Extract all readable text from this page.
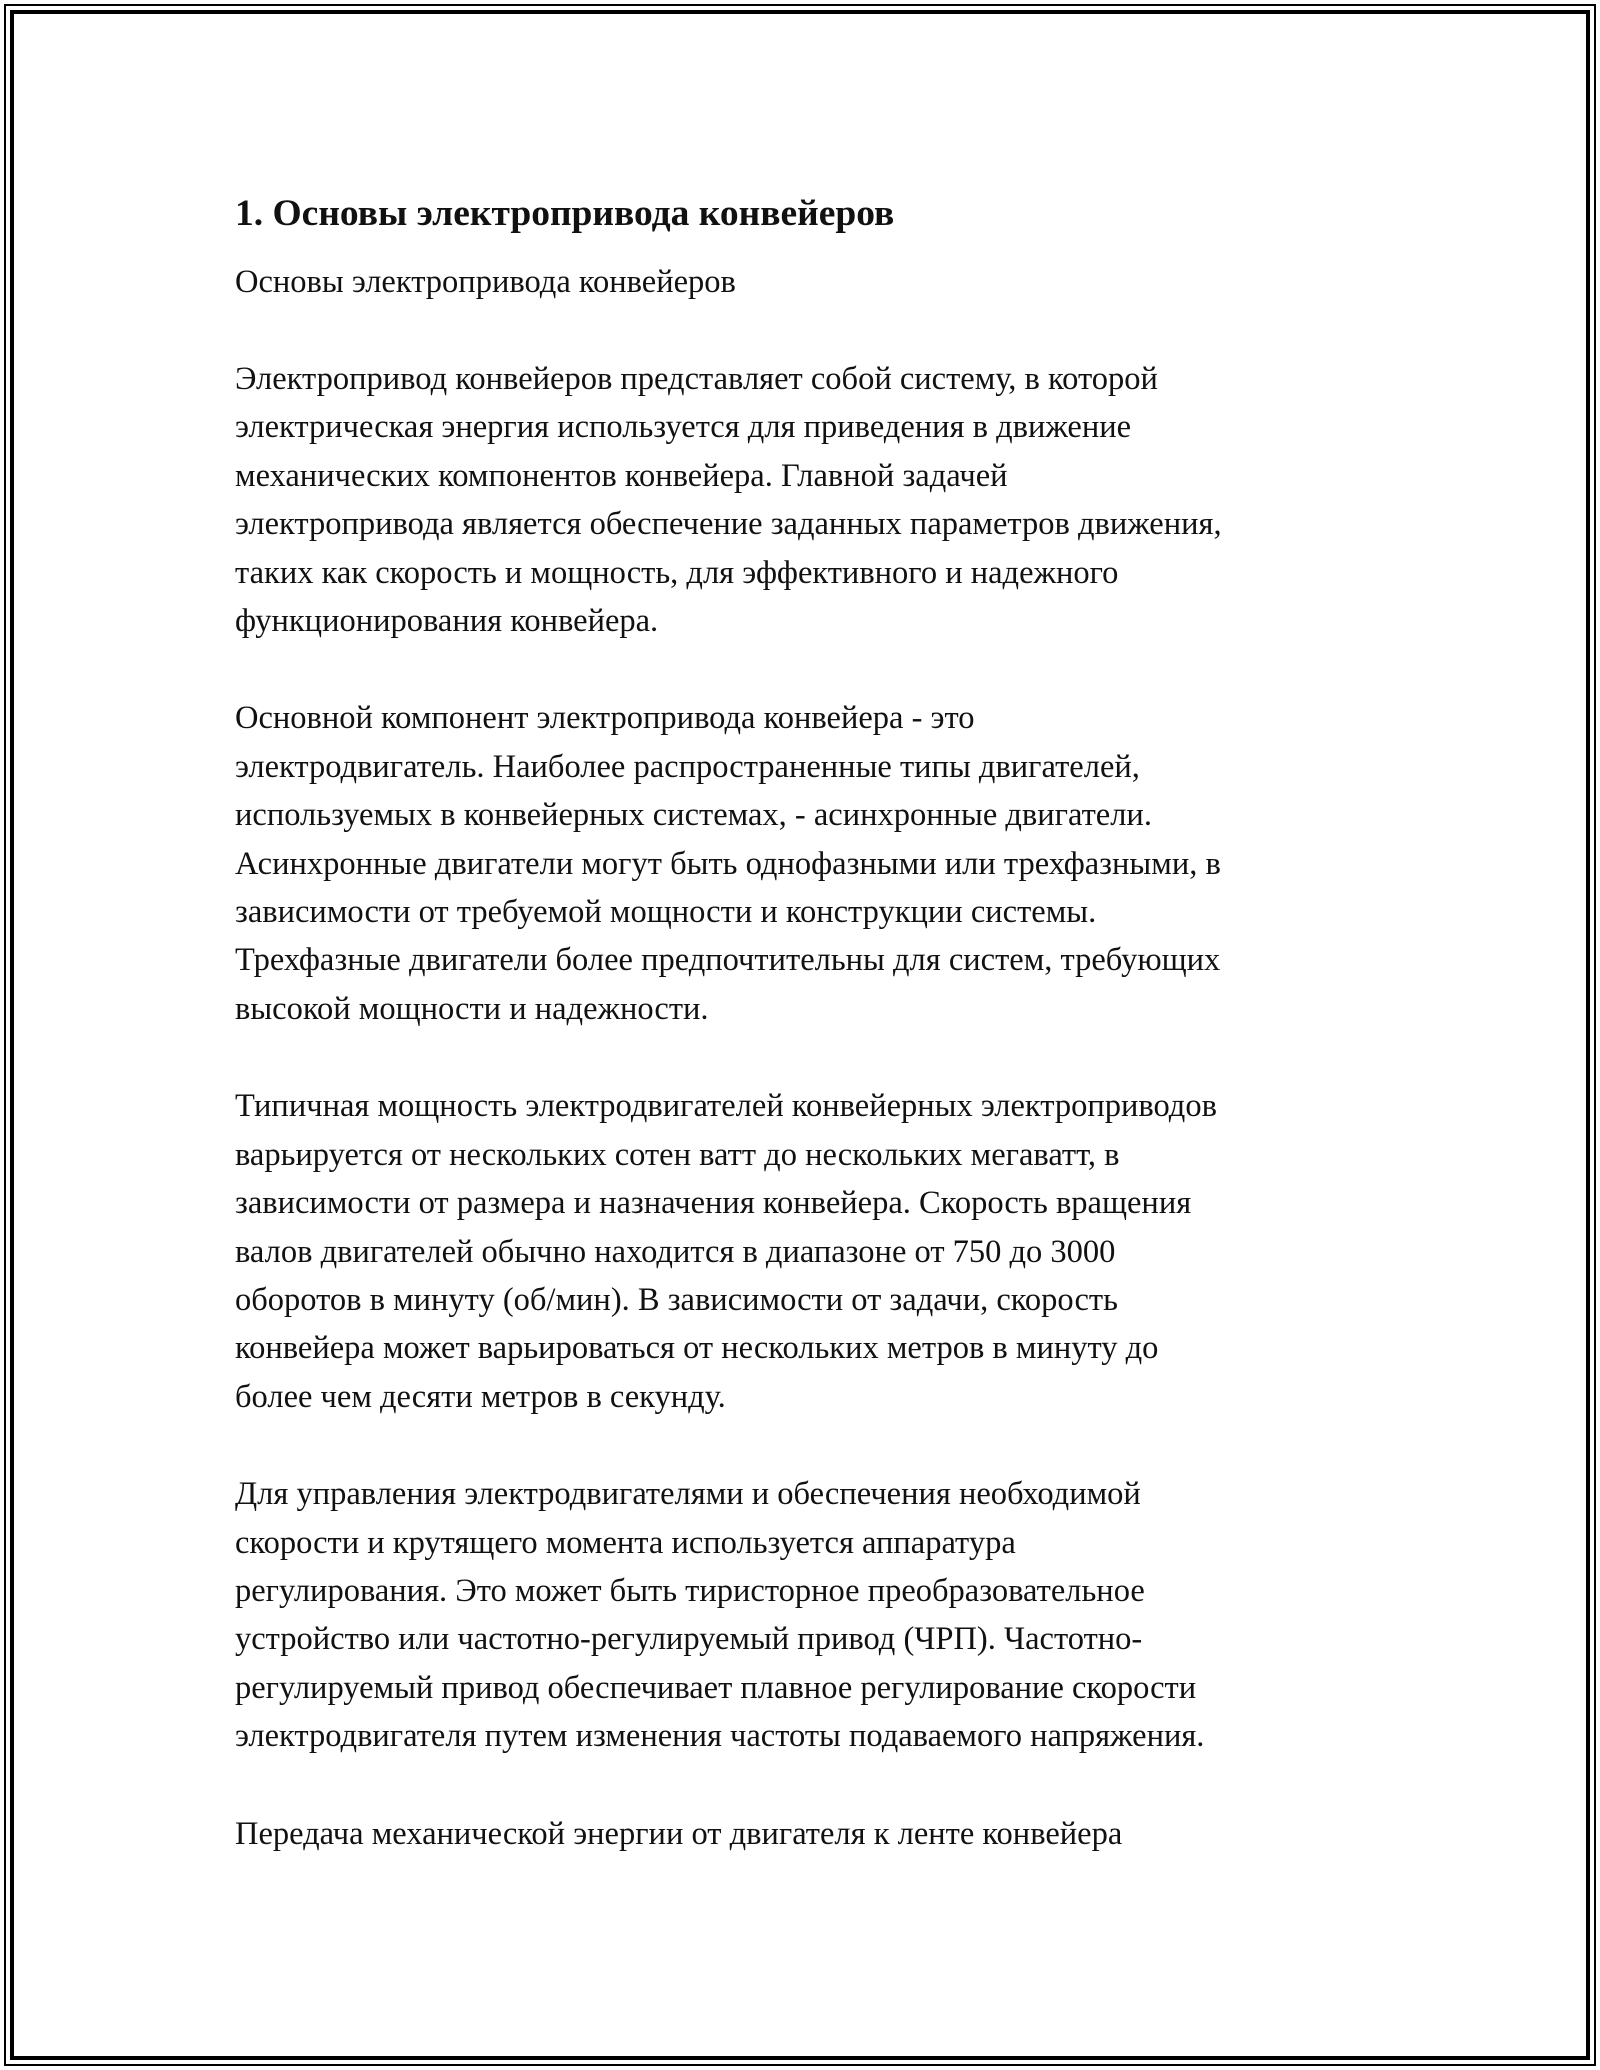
1. Основы электропривода конвейеров
Основы электропривода конвейеров

Электропривод конвейеров представляет собой систему, в которой
электрическая энергия используется для приведения в движение
механических компонентов конвейера. Главной задачей
электропривода является обеспечение заданных параметров движения,
таких как скорость и мощность, для эффективного и надежного
функционирования конвейера.

Основной компонент электропривода конвейера - это
электродвигатель. Наиболее распространенные типы двигателей,
используемых в конвейерных системах, - асинхронные двигатели.
Асинхронные двигатели могут быть однофазными или трехфазными, в
зависимости от требуемой мощности и конструкции системы.
Трехфазные двигатели более предпочтительны для систем, требующих
высокой мощности и надежности.

Типичная мощность электродвигателей конвейерных электроприводов
варьируется от нескольких сотен ватт до нескольких мегаватт, в
зависимости от размера и назначения конвейера. Скорость вращения
валов двигателей обычно находится в диапазоне от 750 до 3000
оборотов в минуту (об/мин). В зависимости от задачи, скорость
конвейера может варьироваться от нескольких метров в минуту до
более чем десяти метров в секунду.

Для управления электродвигателями и обеспечения необходимой
скорости и крутящего момента используется аппаратура
регулирования. Это может быть тиристорное преобразовательное
устройство или частотно-регулируемый привод (ЧРП). Частотно-
регулируемый привод обеспечивает плавное регулирование скорости
электродвигателя путем изменения частоты подаваемого напряжения.

Передача механической энергии от двигателя к ленте конвейера
